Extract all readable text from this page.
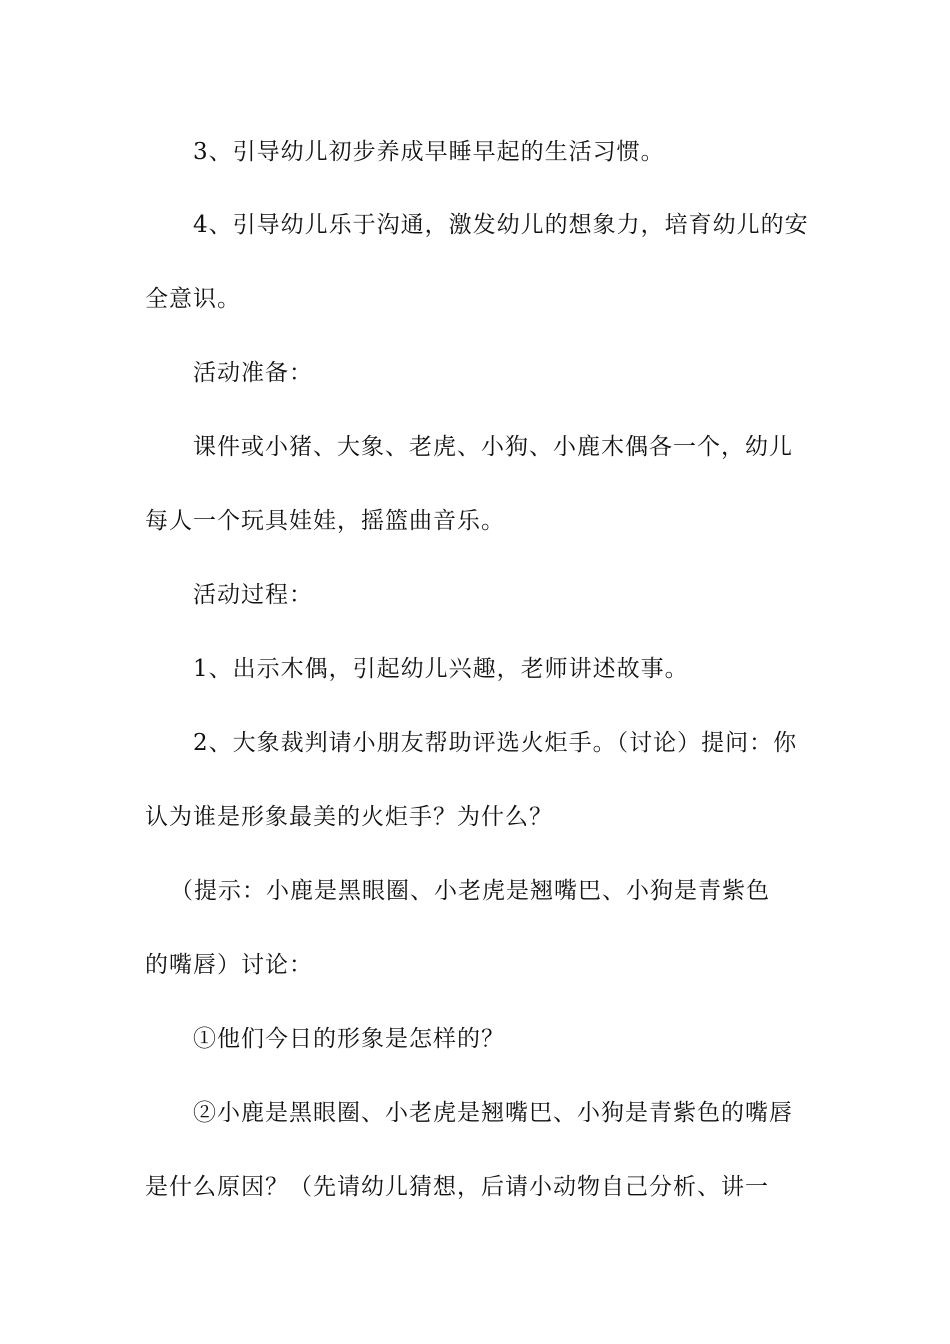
3、引导幼儿初步养成早睡早起的生活习惯。
4、引导幼儿乐于沟通，激发幼儿的想象力，培育幼儿的安
全意识。
活动准备：
课件或小猪、大象、老虎、小狗、小鹿木偶各一个，幼儿
每人一个玩具娃娃，摇篮曲音乐。
活动过程：
1、出示木偶，引起幼儿兴趣，老师讲述故事。
2、大象裁判请小朋友帮助评选火炬手。（讨论）提问：你
认为谁是形象最美的火炬手？为什么？
（提示：小鹿是黑眼圈、小老虎是翘嘴巴、小狗是青紫色
的嘴唇）讨论：
①他们今日的形象是怎样的？
②小鹿是黑眼圈、小老虎是翘嘴巴、小狗是青紫色的嘴唇
是什么原因？（先请幼儿猜想，后请小动物自己分析、讲一
